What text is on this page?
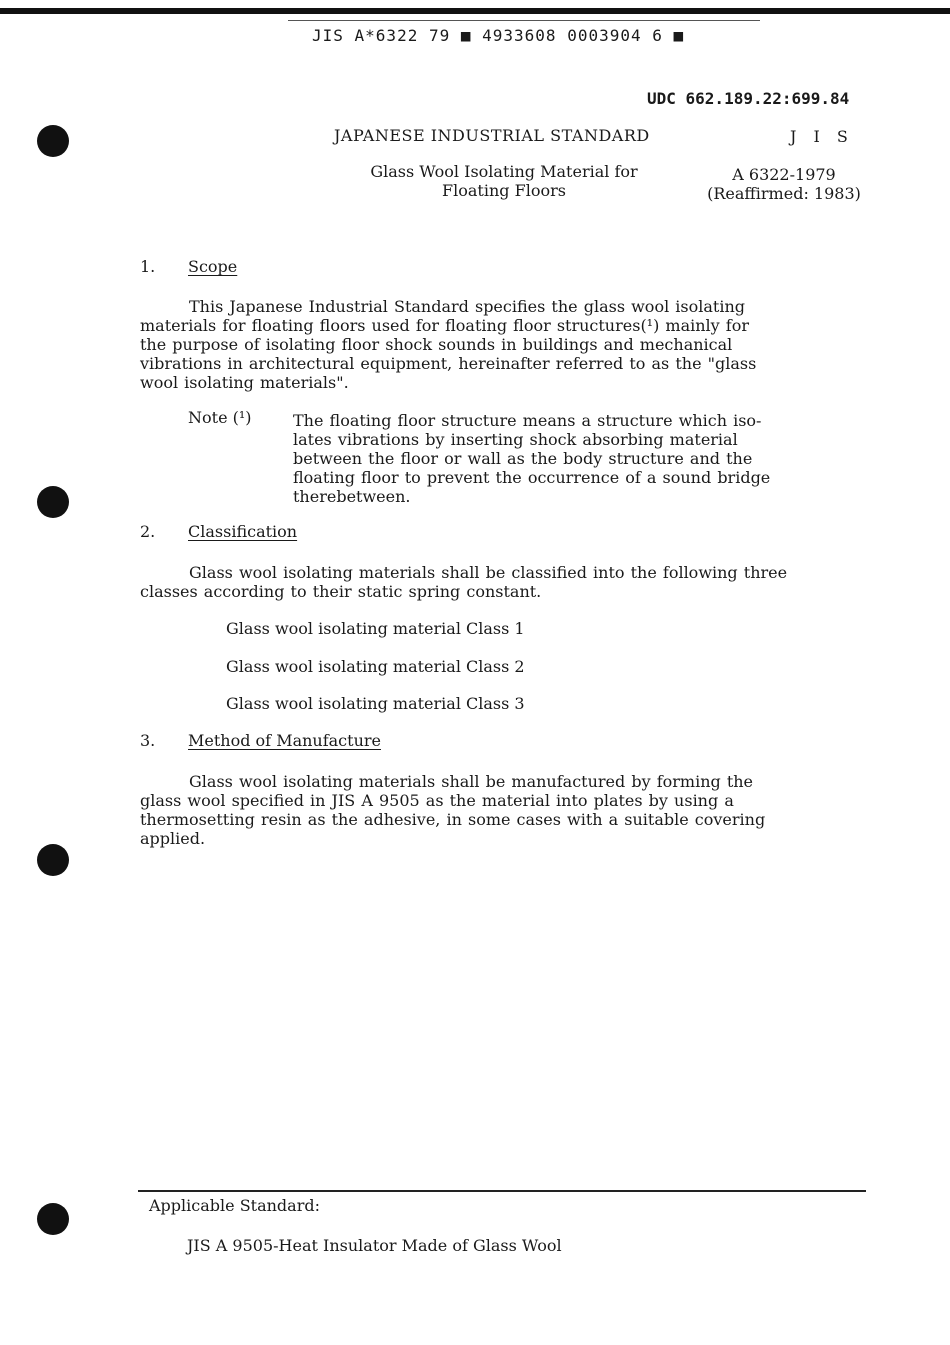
JIS A*6322 79 ■ 4933608 0003904 6 ■
UDC 662.189.22:699.84
JAPANESE INDUSTRIAL STANDARD	J I S
Glass Wool Isolating Material for
Floating Floors
A 6322-1979
(Reaffirmed: 1983)
1. Scope

This Japanese Industrial Standard specifies the glass wool isolating

materials for floating floors used for floating floor structures(¹) mainly for

the purpose of isolating floor shock sounds in buildings and mechanical

vibrations in architectural equipment, hereinafter referred to as the "glass

wool isolating materials".

Note (¹)	The floating floor structure means a structure which iso-

lates vibrations by inserting shock absorbing material

between the floor or wall as the body structure and the

floating floor to prevent the occurrence of a sound bridge

therebetween.

2. Classification

Glass wool isolating materials shall be classified into the following three

classes according to their static spring constant.

Glass wool isolating material Class 1
Glass wool isolating material Class 2
Glass wool isolating material Class 3
3. Method of Manufacture

Glass wool isolating materials shall be manufactured by forming the

glass wool specified in JIS A 9505 as the material into plates by using a

thermosetting resin as the adhesive, in some cases with a suitable covering

applied.

Applicable Standard:
JIS A 9505-Heat Insulator Made of Glass Wool
